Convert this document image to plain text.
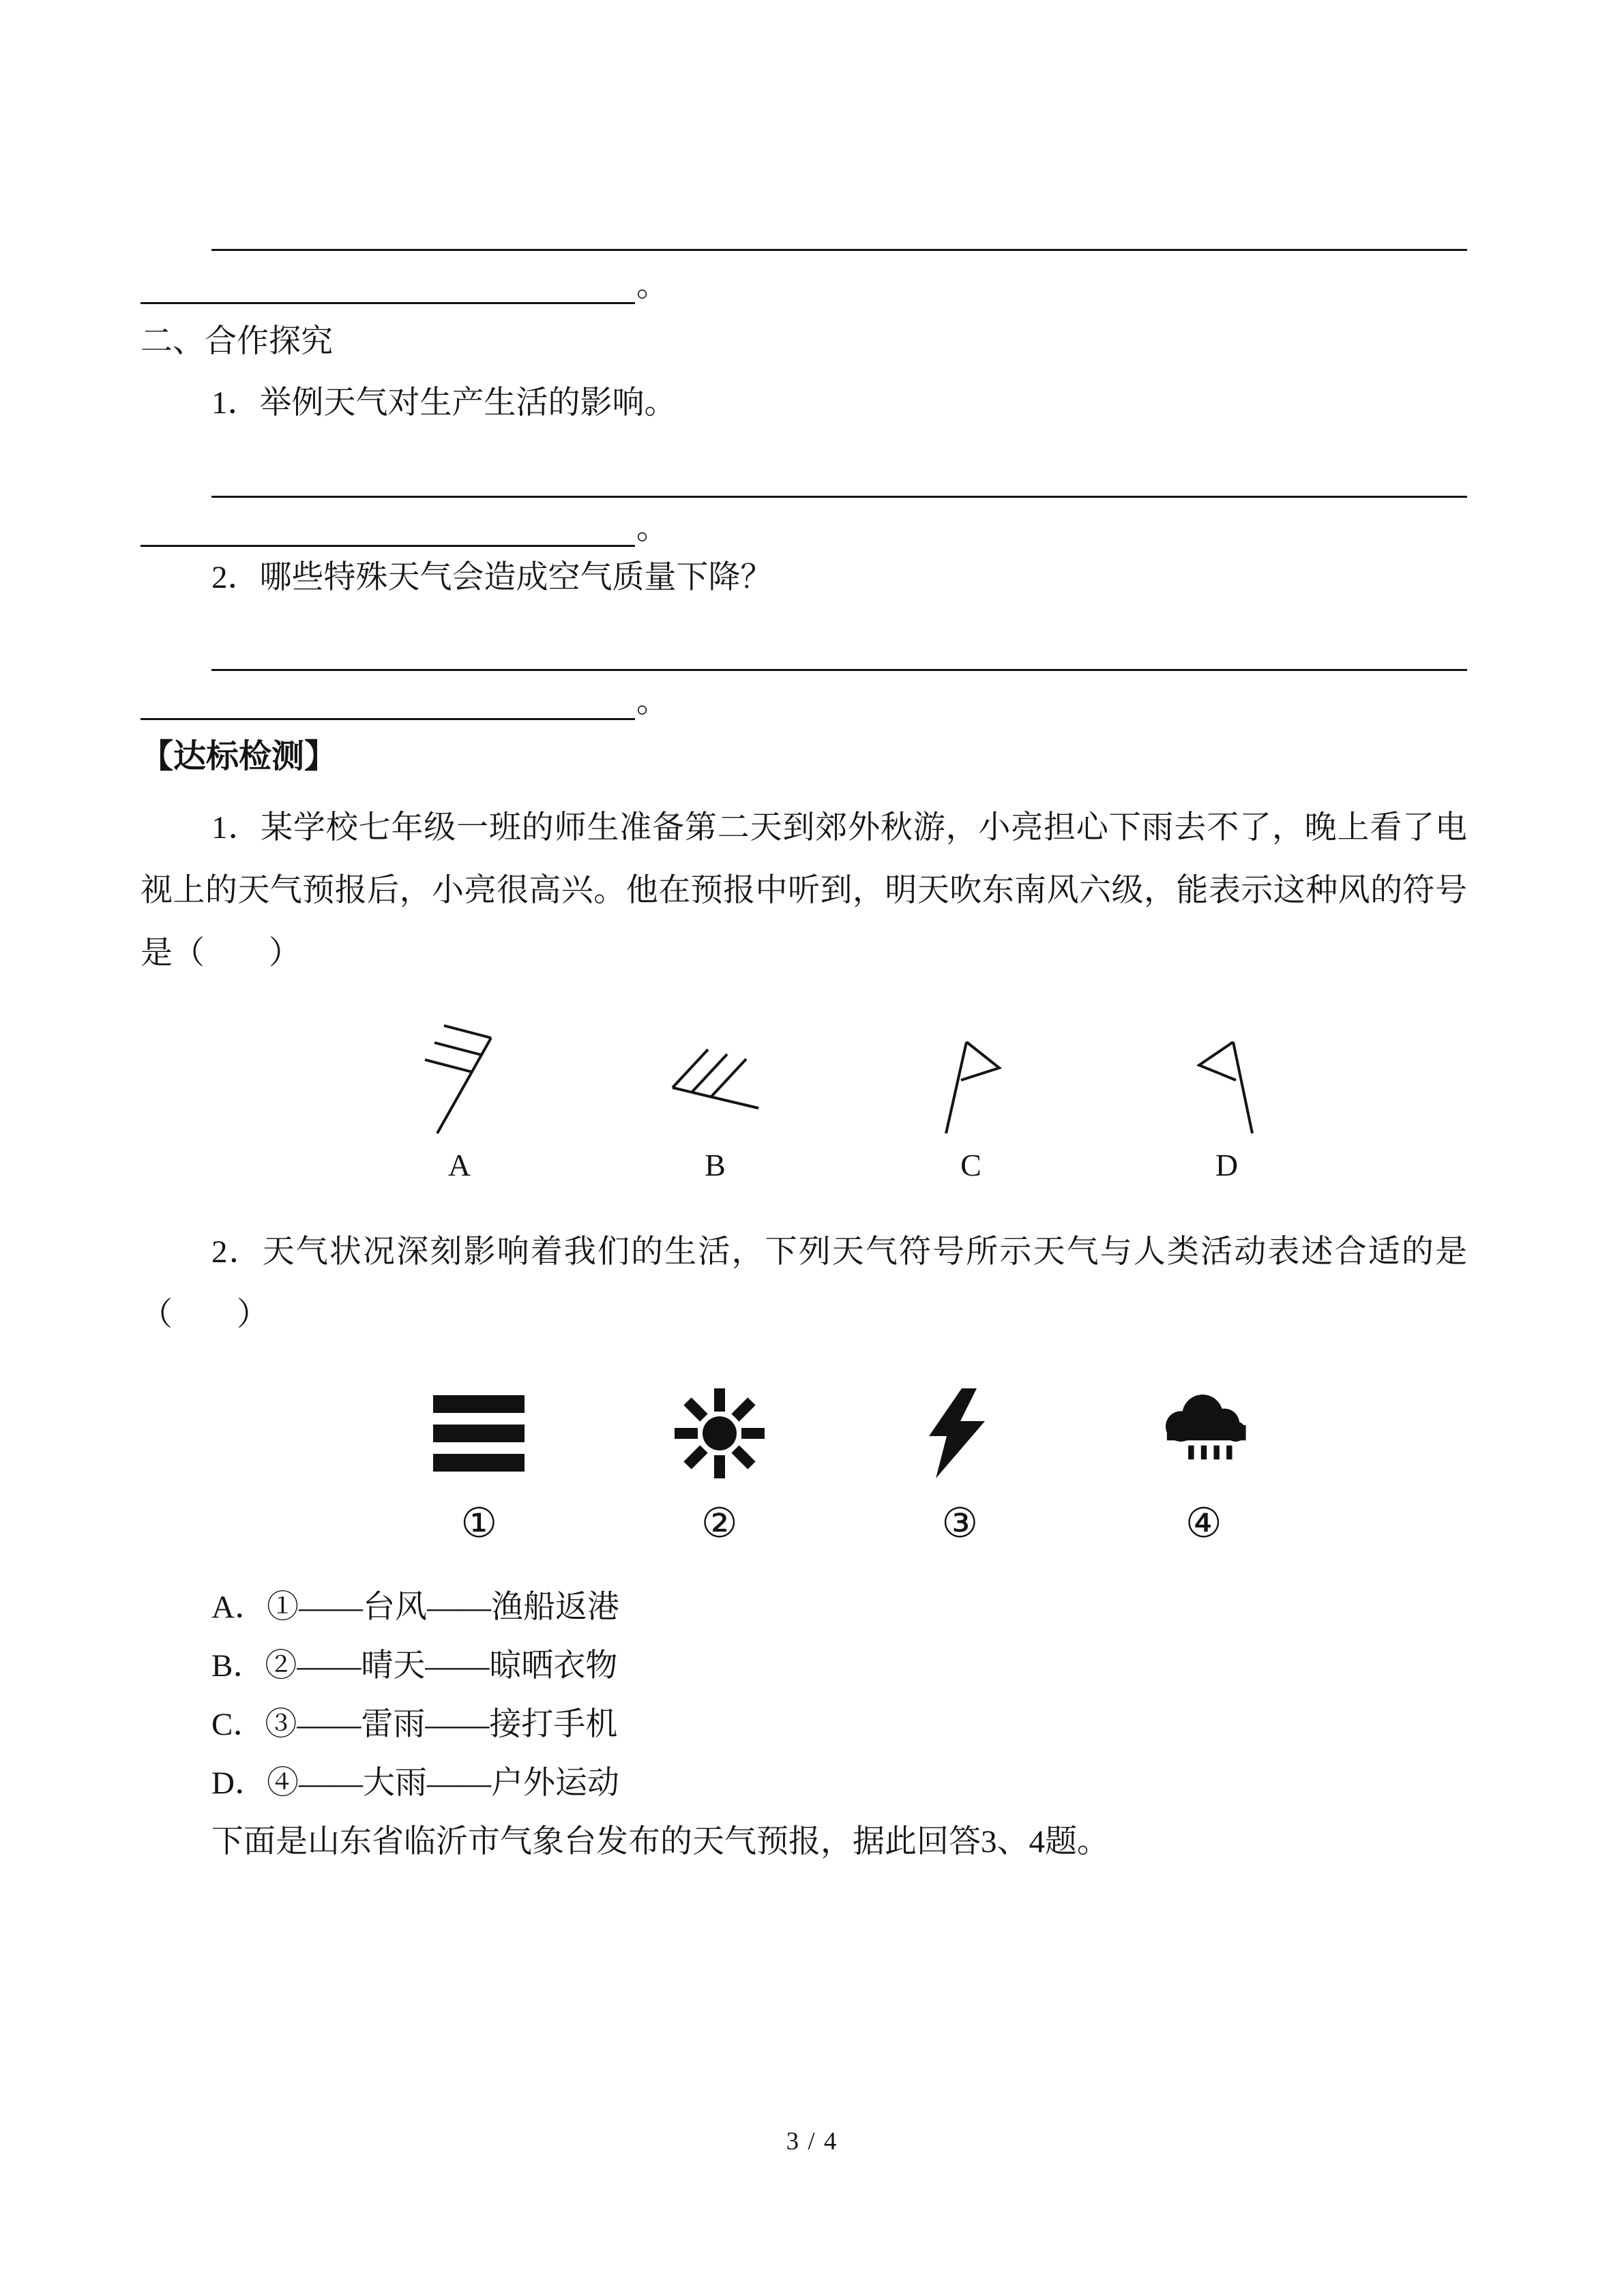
。
二、合作探究

1．举例天气对生产生活的影响。

。

2．哪些特殊天气会造成空气质量下降？

。
【达标检测】

1．某学校七年级一班的师生准备第二天到郊外秋游，小亮担心下雨去不了，晚上看了电视上的天气预报后，小亮很高兴。他在预报中听到，明天吹东南风六级，能表示这种风的符号是（　　）

A	B	C	D

2．天气状况深刻影响着我们的生活，下列天气符号所示天气与人类活动表述合适的是（　　）

①	②	③	④

A．①——台风——渔船返港

B．②——晴天——晾晒衣物

C．③——雷雨——接打手机

D．④——大雨——户外运动

下面是山东省临沂市气象台发布的天气预报，据此回答3、4题。

3 / 4
